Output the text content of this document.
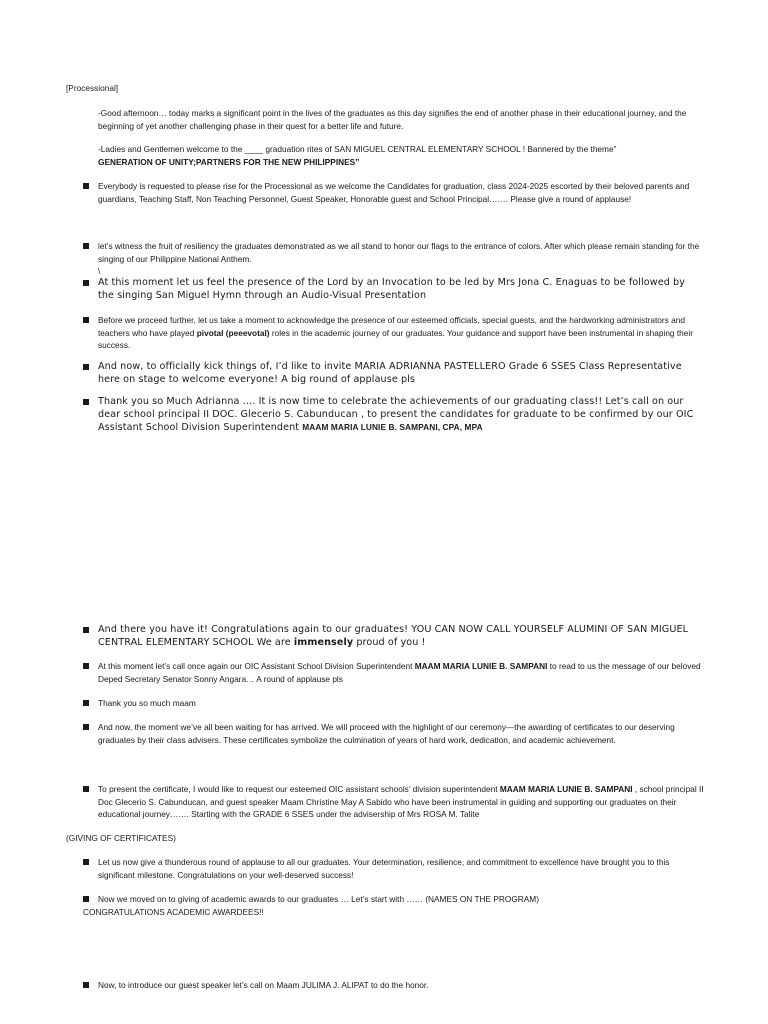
[Processional]

-Good afternoon… today marks a significant point in the lives of the graduates as this day signifies the end of another phase in their educational journey, and the beginning of yet another challenging phase in their quest for a better life and future.

-Ladies and Gentlemen welcome to the ____ graduation rites of SAN MIGUEL CENTRAL ELEMENTARY SCHOOL ! Bannered by the theme”
GENERATION OF UNITY;PARTNERS FOR THE NEW PHILIPPINES”

Everybody is requested to please rise for the Processional as we welcome the Candidates for graduation, class 2024-2025 escorted by their beloved parents and guardians, Teaching Staff, Non Teaching Personnel, Guest Speaker, Honorable guest and School Principal……. Please give a round of applause!

let’s witness the fruit of resiliency the graduates demonstrated as we all stand to honor our flags to the entrance of colors. After which please remain standing for the singing of our Philippine National Anthem.

\

At this moment let us feel the presence of the Lord by an Invocation to be led by Mrs Jona C. Enaguas to be followed by the singing San Miguel Hymn through an Audio-Visual Presentation

Before we proceed further, let us take a moment to acknowledge the presence of our esteemed officials, special guests, and the hardworking administrators and teachers who have played pivotal (peeevotal) roles in the academic journey of our graduates. Your guidance and support have been instrumental in shaping their success.

And now, to officially kick things of, I’d like to invite MARIA ADRIANNA PASTELLERO Grade 6 SSES Class Representative here on stage to welcome everyone! A big round of applause pls

Thank you so Much Adrianna …. It is now time to celebrate the achievements of our graduating class!! Let’s call on our dear school principal II DOC. Glecerio S. Cabunducan , to present the candidates for graduate to be confirmed by our OIC Assistant School Division Superintendent MAAM MARIA LUNIE B. SAMPANI, CPA, MPA

And there you have it! Congratulations again to our graduates! YOU CAN NOW CALL YOURSELF ALUMINI OF SAN MIGUEL CENTRAL ELEMENTARY SCHOOL We are immensely proud of you !

At this moment let’s call once again our OIC Assistant School Division Superintendent MAAM MARIA LUNIE B. SAMPANI to read to us the message of our beloved Deped Secretary Senator Sonny Angara… A round of applause pls

Thank you so much maam

And now, the moment we’ve all been waiting for has arrived. We will proceed with the highlight of our ceremony—the awarding of certificates to our deserving graduates by their class advisers. These certificates symbolize the culmination of years of hard work, dedication, and academic achievement.

To present the certificate, I would like to request our esteemed OIC assistant schools’ division superintendent MAAM MARIA LUNIE B. SAMPANI , school principal II Doc Glecerio S. Cabunducan, and guest speaker Maam Christine May A Sabido who have been instrumental in guiding and supporting our graduates on their educational journey……. Starting with the GRADE 6 SSES under the advisership of Mrs ROSA M. Talite

(GIVING OF CERTIFICATES)

Let us now give a thunderous round of applause to all our graduates. Your determination, resilience, and commitment to excellence have brought you to this significant milestone. Congratulations on your well-deserved success!

Now we moved on to giving of academic awards to our graduates … Let’s start with …… (NAMES ON THE PROGRAM)

CONGRATULATIONS ACADEMIC AWARDEES!!

Now, to introduce our guest speaker let’s call on Maam JULIMA J. ALIPAT to do the honor.
